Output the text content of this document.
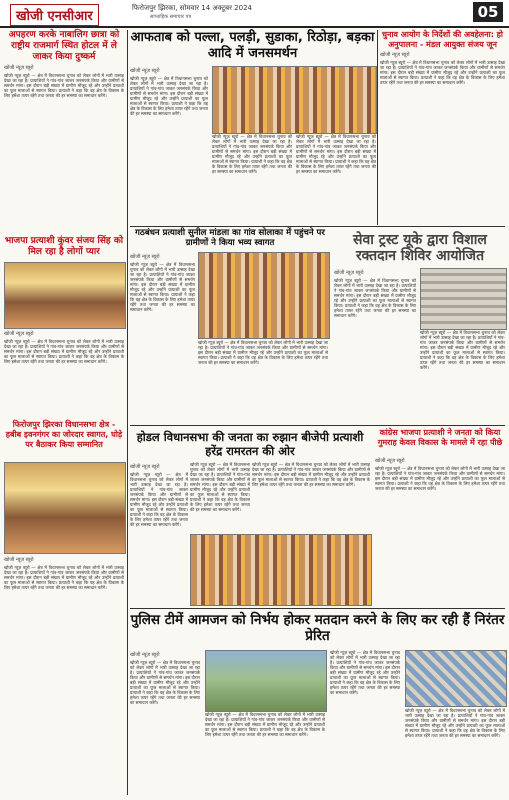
खोजी एनसीआर
फिरोजपुर झिरका, सोमवार 14 अक्टूबर 2024
साप्ताहिक समाचार पत्र	05
अपहरण करके नाबालिग छात्रा को राष्ट्रीय राजमार्ग स्थित होटल में ले जाकर किया दुष्कर्म
खोजी न्यूज़ ब्यूरो
खोजी न्यूज़ ब्यूरो — क्षेत्र में विधानसभा चुनाव को लेकर लोगों में भारी उत्साह देखा जा रहा है। प्रत्याशियों ने गांव-गांव जाकर जनसंपर्क किया और ग्रामीणों से समर्थन मांगा। इस दौरान बड़ी संख्या में ग्रामीण मौजूद रहे और उन्होंने प्रत्याशी का फूल मालाओं से स्वागत किया। प्रत्याशी ने कहा कि वह क्षेत्र के विकास के लिए हमेशा तत्पर रहेंगे तथा जनता की हर समस्या का समाधान करेंगे।
आफताब को पल्ला, पलड़ी, सुडाका, रिठोड़ा, बड़का आदि में जनसमर्थन
खोजी न्यूज़ ब्यूरो
खोजी न्यूज़ ब्यूरो — क्षेत्र में विधानसभा चुनाव को लेकर लोगों में भारी उत्साह देखा जा रहा है। प्रत्याशियों ने गांव-गांव जाकर जनसंपर्क किया और ग्रामीणों से समर्थन मांगा। इस दौरान बड़ी संख्या में ग्रामीण मौजूद रहे और उन्होंने प्रत्याशी का फूल मालाओं से स्वागत किया। प्रत्याशी ने कहा कि वह क्षेत्र के विकास के लिए हमेशा तत्पर रहेंगे तथा जनता की हर समस्या का समाधान करेंगे।
खोजी न्यूज़ ब्यूरो — क्षेत्र में विधानसभा चुनाव को लेकर लोगों में भारी उत्साह देखा जा रहा है। प्रत्याशियों ने गांव-गांव जाकर जनसंपर्क किया और ग्रामीणों से समर्थन मांगा। इस दौरान बड़ी संख्या में ग्रामीण मौजूद रहे और उन्होंने प्रत्याशी का फूल मालाओं से स्वागत किया। प्रत्याशी ने कहा कि वह क्षेत्र के विकास के लिए हमेशा तत्पर रहेंगे तथा जनता की हर समस्या का समाधान करेंगे।
खोजी न्यूज़ ब्यूरो — क्षेत्र में विधानसभा चुनाव को लेकर लोगों में भारी उत्साह देखा जा रहा है। प्रत्याशियों ने गांव-गांव जाकर जनसंपर्क किया और ग्रामीणों से समर्थन मांगा। इस दौरान बड़ी संख्या में ग्रामीण मौजूद रहे और उन्होंने प्रत्याशी का फूल मालाओं से स्वागत किया। प्रत्याशी ने कहा कि वह क्षेत्र के विकास के लिए हमेशा तत्पर रहेंगे तथा जनता की हर समस्या का समाधान करेंगे।
चुनाव आयोग के निर्देशों की अवहेलना: हो अनुपालना - मंडल आयुक्त संजय जून
खोजी न्यूज़ ब्यूरो
खोजी न्यूज़ ब्यूरो — क्षेत्र में विधानसभा चुनाव को लेकर लोगों में भारी उत्साह देखा जा रहा है। प्रत्याशियों ने गांव-गांव जाकर जनसंपर्क किया और ग्रामीणों से समर्थन मांगा। इस दौरान बड़ी संख्या में ग्रामीण मौजूद रहे और उन्होंने प्रत्याशी का फूल मालाओं से स्वागत किया। प्रत्याशी ने कहा कि वह क्षेत्र के विकास के लिए हमेशा तत्पर रहेंगे तथा जनता की हर समस्या का समाधान करेंगे।
भाजपा प्रत्याशी कुंवर संजय सिंह को मिल रहा है लोगों प्यार
खोजी न्यूज़ ब्यूरो
खोजी न्यूज़ ब्यूरो — क्षेत्र में विधानसभा चुनाव को लेकर लोगों में भारी उत्साह देखा जा रहा है। प्रत्याशियों ने गांव-गांव जाकर जनसंपर्क किया और ग्रामीणों से समर्थन मांगा। इस दौरान बड़ी संख्या में ग्रामीण मौजूद रहे और उन्होंने प्रत्याशी का फूल मालाओं से स्वागत किया। प्रत्याशी ने कहा कि वह क्षेत्र के विकास के लिए हमेशा तत्पर रहेंगे तथा जनता की हर समस्या का समाधान करेंगे।
गठबंधन प्रत्याशी सुनील मांडला का गांव सोलाका में पहुंचने पर ग्रामीणों ने किया भव्य स्वागत
खोजी न्यूज़ ब्यूरो
खोजी न्यूज़ ब्यूरो — क्षेत्र में विधानसभा चुनाव को लेकर लोगों में भारी उत्साह देखा जा रहा है। प्रत्याशियों ने गांव-गांव जाकर जनसंपर्क किया और ग्रामीणों से समर्थन मांगा। इस दौरान बड़ी संख्या में ग्रामीण मौजूद रहे और उन्होंने प्रत्याशी का फूल मालाओं से स्वागत किया। प्रत्याशी ने कहा कि वह क्षेत्र के विकास के लिए हमेशा तत्पर रहेंगे तथा जनता की हर समस्या का समाधान करेंगे।
खोजी न्यूज़ ब्यूरो — क्षेत्र में विधानसभा चुनाव को लेकर लोगों में भारी उत्साह देखा जा रहा है। प्रत्याशियों ने गांव-गांव जाकर जनसंपर्क किया और ग्रामीणों से समर्थन मांगा। इस दौरान बड़ी संख्या में ग्रामीण मौजूद रहे और उन्होंने प्रत्याशी का फूल मालाओं से स्वागत किया। प्रत्याशी ने कहा कि वह क्षेत्र के विकास के लिए हमेशा तत्पर रहेंगे तथा जनता की हर समस्या का समाधान करेंगे।
सेवा ट्रस्ट यूके द्वारा विशाल रक्तदान शिविर आयोजित
खोजी न्यूज़ ब्यूरो
खोजी न्यूज़ ब्यूरो — क्षेत्र में विधानसभा चुनाव को लेकर लोगों में भारी उत्साह देखा जा रहा है। प्रत्याशियों ने गांव-गांव जाकर जनसंपर्क किया और ग्रामीणों से समर्थन मांगा। इस दौरान बड़ी संख्या में ग्रामीण मौजूद रहे और उन्होंने प्रत्याशी का फूल मालाओं से स्वागत किया। प्रत्याशी ने कहा कि वह क्षेत्र के विकास के लिए हमेशा तत्पर रहेंगे तथा जनता की हर समस्या का समाधान करेंगे।
खोजी न्यूज़ ब्यूरो — क्षेत्र में विधानसभा चुनाव को लेकर लोगों में भारी उत्साह देखा जा रहा है। प्रत्याशियों ने गांव-गांव जाकर जनसंपर्क किया और ग्रामीणों से समर्थन मांगा। इस दौरान बड़ी संख्या में ग्रामीण मौजूद रहे और उन्होंने प्रत्याशी का फूल मालाओं से स्वागत किया। प्रत्याशी ने कहा कि वह क्षेत्र के विकास के लिए हमेशा तत्पर रहेंगे तथा जनता की हर समस्या का समाधान करेंगे।
फिरोजपुर झिरका विधानसभा क्षेत्र - हबीब इवनगंगर का जोरदार स्वागत, घोड़े पर बैठाकर किया सम्मानित
खोजी न्यूज़ ब्यूरो
खोजी न्यूज़ ब्यूरो — क्षेत्र में विधानसभा चुनाव को लेकर लोगों में भारी उत्साह देखा जा रहा है। प्रत्याशियों ने गांव-गांव जाकर जनसंपर्क किया और ग्रामीणों से समर्थन मांगा। इस दौरान बड़ी संख्या में ग्रामीण मौजूद रहे और उन्होंने प्रत्याशी का फूल मालाओं से स्वागत किया। प्रत्याशी ने कहा कि वह क्षेत्र के विकास के लिए हमेशा तत्पर रहेंगे तथा जनता की हर समस्या का समाधान करेंगे।
होडल विधानसभा की जनता का रुझान बीजेपी प्रत्याशी हरेंद्र रामरतन की ओर
खोजी न्यूज़ ब्यूरो
खोजी न्यूज़ ब्यूरो — क्षेत्र में विधानसभा चुनाव को लेकर लोगों में भारी उत्साह देखा जा रहा है। प्रत्याशियों ने गांव-गांव जाकर जनसंपर्क किया और ग्रामीणों से समर्थन मांगा। इस दौरान बड़ी संख्या में ग्रामीण मौजूद रहे और उन्होंने प्रत्याशी का फूल मालाओं से स्वागत किया। प्रत्याशी ने कहा कि वह क्षेत्र के विकास के लिए हमेशा तत्पर रहेंगे तथा जनता की हर समस्या का समाधान करेंगे।
खोजी न्यूज़ ब्यूरो — क्षेत्र में विधानसभा चुनाव को लेकर लोगों में भारी उत्साह देखा जा रहा है। प्रत्याशियों ने गांव-गांव जाकर जनसंपर्क किया और ग्रामीणों से समर्थन मांगा। इस दौरान बड़ी संख्या में ग्रामीण मौजूद रहे और उन्होंने प्रत्याशी का फूल मालाओं से स्वागत किया। प्रत्याशी ने कहा कि वह क्षेत्र के विकास के लिए हमेशा तत्पर रहेंगे तथा जनता की हर समस्या का समाधान करेंगे।
खोजी न्यूज़ ब्यूरो — क्षेत्र में विधानसभा चुनाव को लेकर लोगों में भारी उत्साह देखा जा रहा है। प्रत्याशियों ने गांव-गांव जाकर जनसंपर्क किया और ग्रामीणों से समर्थन मांगा। इस दौरान बड़ी संख्या में ग्रामीण मौजूद रहे और उन्होंने प्रत्याशी का फूल मालाओं से स्वागत किया। प्रत्याशी ने कहा कि वह क्षेत्र के विकास के लिए हमेशा तत्पर रहेंगे तथा जनता की हर समस्या का समाधान करेंगे।
कांग्रेस भाजपा प्रत्याशी ने जनता को किया गुमराह केवल विकास के मामले में रहा पीछे
खोजी न्यूज़ ब्यूरो
खोजी न्यूज़ ब्यूरो — क्षेत्र में विधानसभा चुनाव को लेकर लोगों में भारी उत्साह देखा जा रहा है। प्रत्याशियों ने गांव-गांव जाकर जनसंपर्क किया और ग्रामीणों से समर्थन मांगा। इस दौरान बड़ी संख्या में ग्रामीण मौजूद रहे और उन्होंने प्रत्याशी का फूल मालाओं से स्वागत किया। प्रत्याशी ने कहा कि वह क्षेत्र के विकास के लिए हमेशा तत्पर रहेंगे तथा जनता की हर समस्या का समाधान करेंगे।
पुलिस टीमें आमजन को निर्भय होकर मतदान करने के लिए कर रही हैं निरंतर प्रेरित
खोजी न्यूज़ ब्यूरो
खोजी न्यूज़ ब्यूरो — क्षेत्र में विधानसभा चुनाव को लेकर लोगों में भारी उत्साह देखा जा रहा है। प्रत्याशियों ने गांव-गांव जाकर जनसंपर्क किया और ग्रामीणों से समर्थन मांगा। इस दौरान बड़ी संख्या में ग्रामीण मौजूद रहे और उन्होंने प्रत्याशी का फूल मालाओं से स्वागत किया। प्रत्याशी ने कहा कि वह क्षेत्र के विकास के लिए हमेशा तत्पर रहेंगे तथा जनता की हर समस्या का समाधान करेंगे।
खोजी न्यूज़ ब्यूरो — क्षेत्र में विधानसभा चुनाव को लेकर लोगों में भारी उत्साह देखा जा रहा है। प्रत्याशियों ने गांव-गांव जाकर जनसंपर्क किया और ग्रामीणों से समर्थन मांगा। इस दौरान बड़ी संख्या में ग्रामीण मौजूद रहे और उन्होंने प्रत्याशी का फूल मालाओं से स्वागत किया। प्रत्याशी ने कहा कि वह क्षेत्र के विकास के लिए हमेशा तत्पर रहेंगे तथा जनता की हर समस्या का समाधान करेंगे।
खोजी न्यूज़ ब्यूरो — क्षेत्र में विधानसभा चुनाव को लेकर लोगों में भारी उत्साह देखा जा रहा है। प्रत्याशियों ने गांव-गांव जाकर जनसंपर्क किया और ग्रामीणों से समर्थन मांगा। इस दौरान बड़ी संख्या में ग्रामीण मौजूद रहे और उन्होंने प्रत्याशी का फूल मालाओं से स्वागत किया। प्रत्याशी ने कहा कि वह क्षेत्र के विकास के लिए हमेशा तत्पर रहेंगे तथा जनता की हर समस्या का समाधान करेंगे।
खोजी न्यूज़ ब्यूरो — क्षेत्र में विधानसभा चुनाव को लेकर लोगों में भारी उत्साह देखा जा रहा है। प्रत्याशियों ने गांव-गांव जाकर जनसंपर्क किया और ग्रामीणों से समर्थन मांगा। इस दौरान बड़ी संख्या में ग्रामीण मौजूद रहे और उन्होंने प्रत्याशी का फूल मालाओं से स्वागत किया। प्रत्याशी ने कहा कि वह क्षेत्र के विकास के लिए हमेशा तत्पर रहेंगे तथा जनता की हर समस्या का समाधान करेंगे।
